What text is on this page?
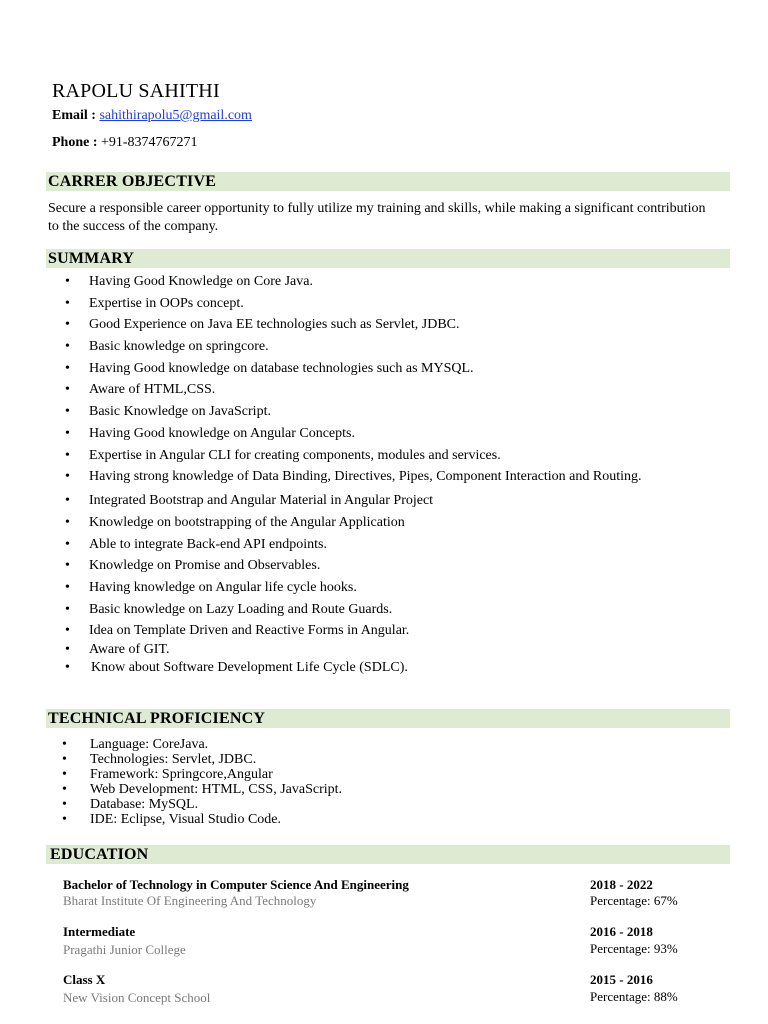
RAPOLU SAHITHI
Email : sahithirapolu5@gmail.com
Phone : +91-8374767271
CARRER OBJECTIVE
Secure a responsible career opportunity to fully utilize my training and skills, while making a significant contribution to the success of the company.
SUMMARY
• Having Good Knowledge on Core Java.
• Expertise in OOPs concept.
• Good Experience on Java EE technologies such as Servlet, JDBC.
• Basic knowledge on springcore.
• Having Good knowledge on database technologies such as MYSQL.
• Aware of HTML,CSS.
• Basic Knowledge on JavaScript.
• Having Good knowledge on Angular Concepts.
• Expertise in Angular CLI for creating components, modules and services.
• Having strong knowledge of Data Binding, Directives, Pipes, Component Interaction and Routing.
• Integrated Bootstrap and Angular Material in Angular Project
• Knowledge on bootstrapping of the Angular Application
• Able to integrate Back-end API endpoints.
• Knowledge on Promise and Observables.
• Having knowledge on Angular life cycle hooks.
• Basic knowledge on Lazy Loading and Route Guards.
• Idea on Template Driven and Reactive Forms in Angular.
• Aware of GIT.
• Know about Software Development Life Cycle (SDLC).
TECHNICAL PROFICIENCY
• Language: CoreJava.
• Technologies: Servlet, JDBC.
• Framework: Springcore,Angular
• Web Development: HTML, CSS, JavaScript.
• Database: MySQL.
• IDE: Eclipse, Visual Studio Code.
EDUCATION
Bachelor of Technology in Computer Science And Engineering
Bharat Institute Of Engineering And Technology
2018 - 2022
Percentage: 67%
Intermediate
Pragathi Junior College
2016 - 2018
Percentage: 93%
Class X
New Vision Concept School
2015 - 2016
Percentage: 88%
